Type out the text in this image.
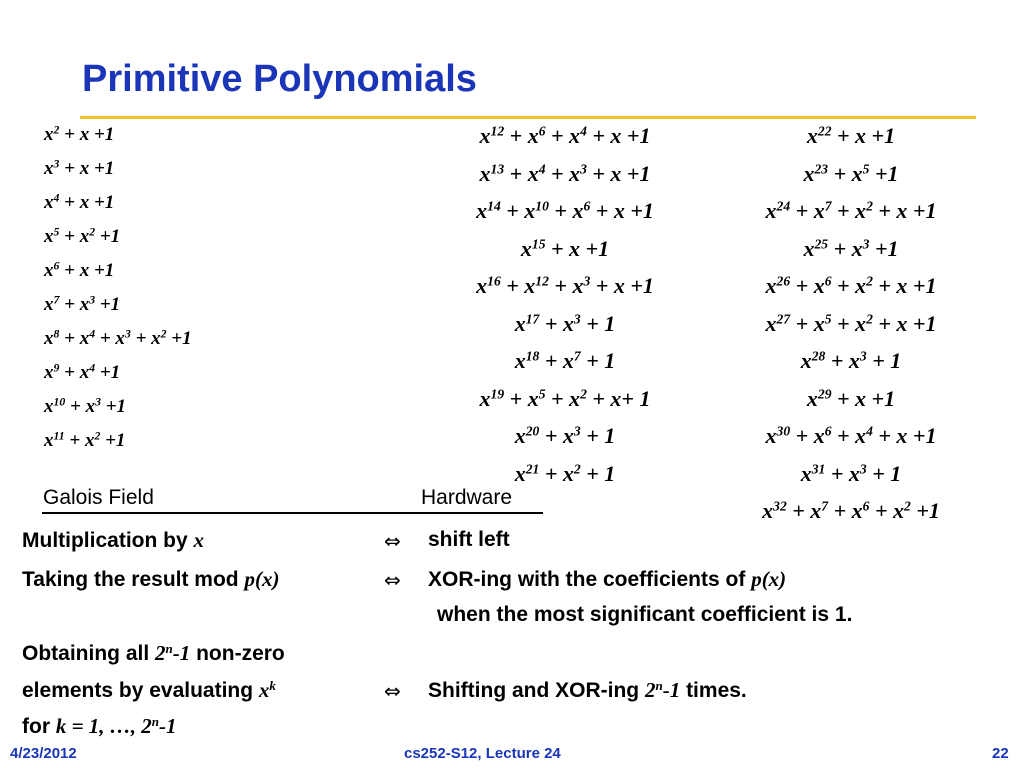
Primitive Polynomials
$x^2 + x +1$
$x^3 + x +1$
$x^4 + x +1$
$x^5 + x^2 +1$
$x^6 + x +1$
$x^7 + x^3 +1$
$x^8 + x^4 + x^3 + x^2 +1$
$x^9 + x^4 +1$
$x^{10} + x^3 +1$
$x^{11} + x^2 +1$
$x^{12} + x^6 + x^4 + x +1$
$x^{13} + x^4 + x^3 + x +1$
$x^{14} + x^{10} + x^6 + x +1$
$x^{15} + x +1$
$x^{16} + x^{12} + x^3 + x +1$
$x^{17} + x^3 + 1$
$x^{18} + x^7 + 1$
$x^{19} + x^5 + x^2 + x+ 1$
$x^{20} + x^3 + 1$
$x^{21} + x^2 + 1$
$x^{22} + x +1$
$x^{23} + x^5 +1$
$x^{24} + x^7 + x^2 + x +1$
$x^{25} + x^3 +1$
$x^{26} + x^6 + x^2 + x +1$
$x^{27} + x^5 + x^2 + x +1$
$x^{28} + x^3 + 1$
$x^{29} + x +1$
$x^{30} + x^6 + x^4 + x +1$
$x^{31} + x^3 + 1$
$x^{32} + x^7 + x^6 + x^2 +1$
Galois Field	Hardware
Multiplication by x	⇔ shift left
Taking the result mod p(x)	⇔ XOR-ing with the coefficients of p(x)
when the most significant coefficient is 1.
Obtaining all 2$^n$-1 non-zero
elements by evaluating $x^k$	⇔ Shifting and XOR-ing 2$^n$-1 times.
for k = 1, …, 2$^n$-1
4/23/2012	cs252-S12, Lecture 24	22
